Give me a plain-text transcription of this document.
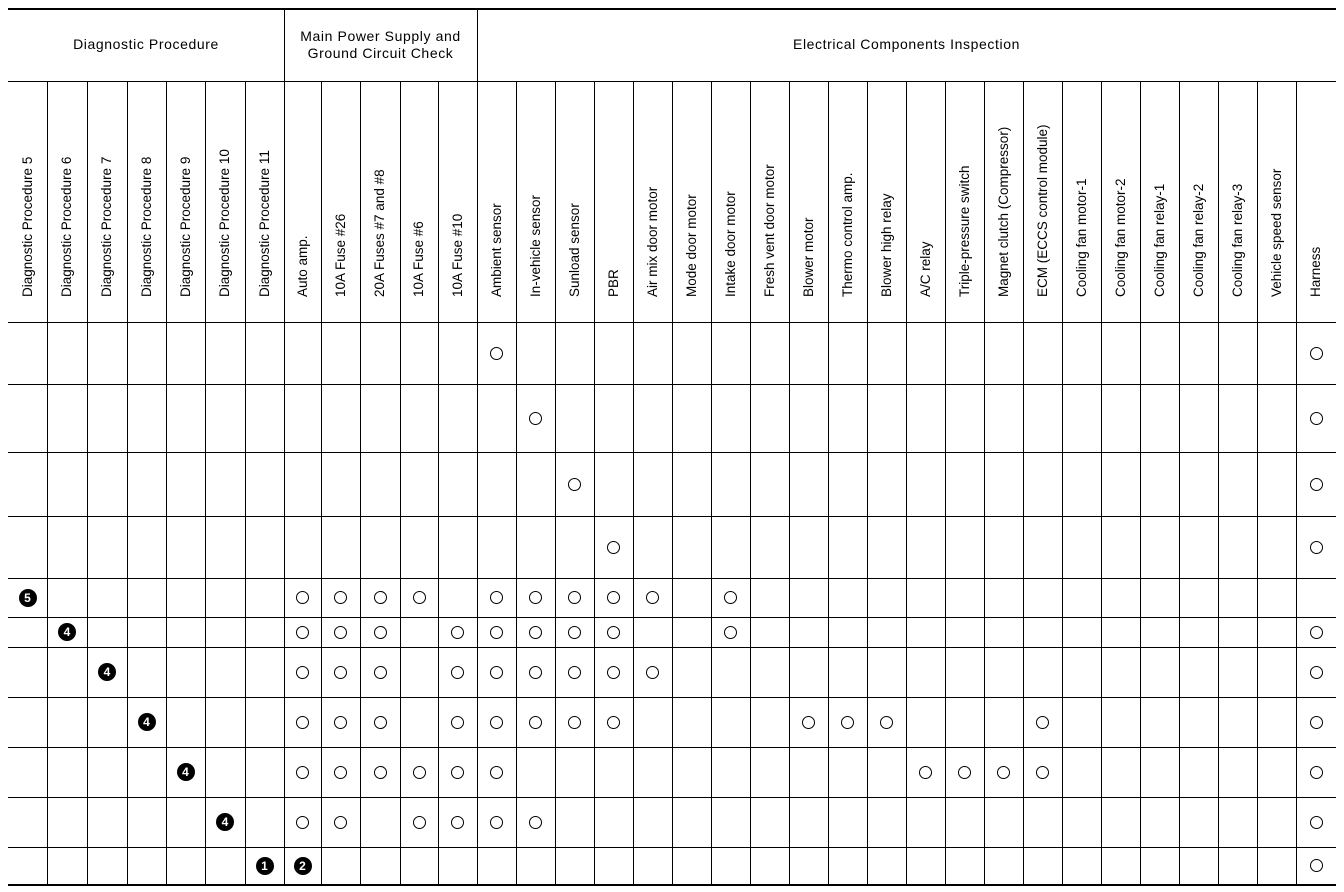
Diagnostic Procedure
Main Power Supply and Ground Circuit Check
Electrical Components Inspection
Diagnostic Procedure 5 Diagnostic Procedure 6 Diagnostic Procedure 7 Diagnostic Procedure 8 Diagnostic Procedure 9 Diagnostic Procedure 10 Diagnostic Procedure 11 Auto amp. 10A Fuse #26 20A Fuses #7 and #8 10A Fuse #6 10A Fuse #10 Ambient sensor In-vehicle sensor Sunload sensor PBR Air mix door motor Mode door motor Intake door motor Fresh vent door motor Blower motor Thermo control amp. Blower high relay A/C relay Triple-pressure switch Magnet clutch (Compressor) ECM (ECCS control module) Cooling fan motor-1 Cooling fan motor-2 Cooling fan relay-1 Cooling fan relay-2 Cooling fan relay-3 Vehicle speed sensor Harness
5
4
4
4
4
4
1	2
